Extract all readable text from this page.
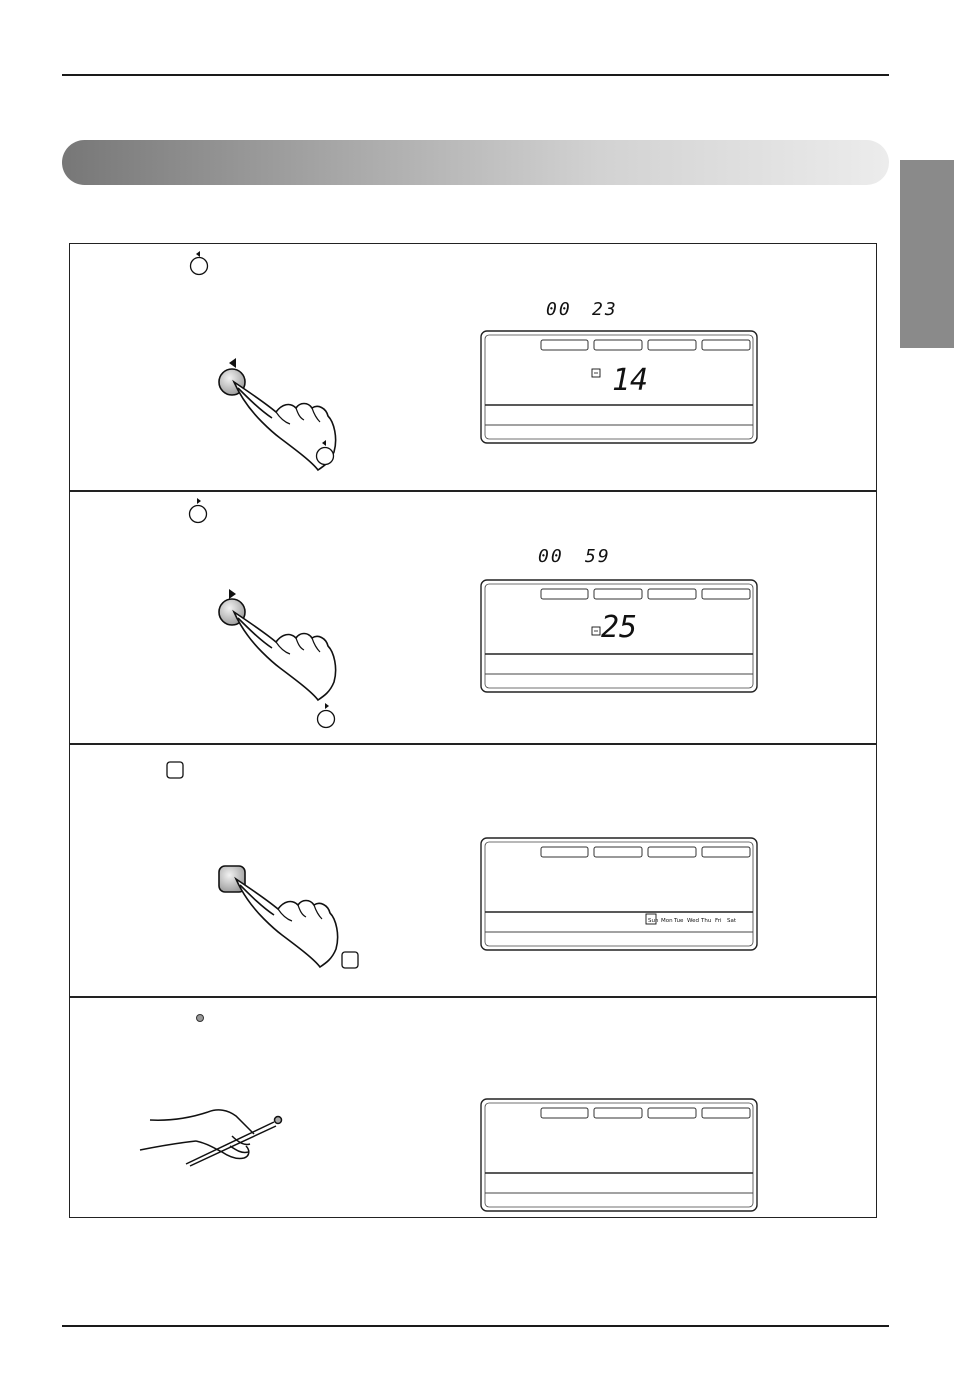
00 23
00 59
14
25
Sun Mon Tue Wed Thu Fri Sat
